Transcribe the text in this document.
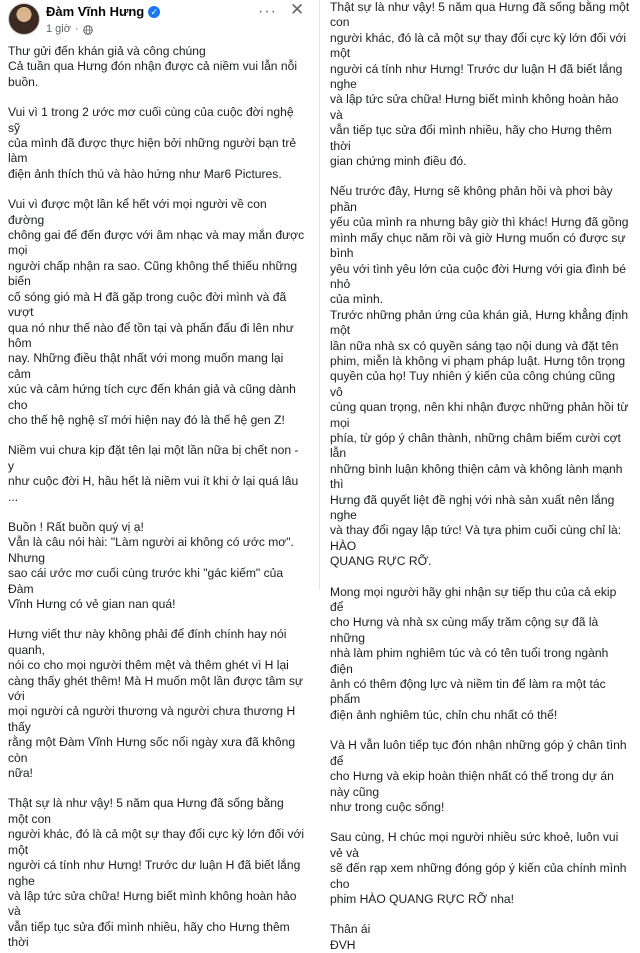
Đàm Vĩnh Hưng ✓
1 giờ ·
··· ✕

Thư gửi đến khán giả và công chúng
Cả tuần qua Hưng đón nhận được cả niềm vui lẫn nỗi buồn.

Vui vì 1 trong 2 ước mơ cuối cùng của cuộc đời nghệ sỹ
của mình đã được thực hiện bởi những người bạn trẻ làm
điện ảnh thích thú và hào hứng như Mar6 Pictures.

Vui vì được một lần kể hết với mọi người về con đường
chông gai để đến được với âm nhạc và may mắn được mọi
người chấp nhận ra sao. Cũng không thể thiếu những biến
cố sóng gió mà H đã gặp trong cuộc đời mình và đã vượt
qua nó như thế nào để tồn tại và phấn đấu đi lên như hôm
nay. Những điều thật nhất với mong muốn mang lại cảm
xúc và cảm hứng tích cực đến khán giả và cũng dành cho
cho thế hệ nghệ sĩ mới hiện nay đó là thế hệ gen Z!

Niềm vui chưa kịp đặt tên lại một lần nữa bị chết non - y
như cuộc đời H, hầu hết là niềm vui ít khi ở lại quá lâu ...

Buồn ! Rất buồn quý vị ạ!
Vẫn là câu nói hài: "Làm người ai không có ước mơ". Nhưng
sao cái ước mơ cuối cùng trước khi "gác kiếm" của Đàm
Vĩnh Hưng có vẻ gian nan quá!

Hưng viết thư này không phải để đính chính hay nói quanh,
nói co cho mọi người thêm mệt và thêm ghét vì H lại
càng thấy ghét thêm! Mà H muốn một lần được tâm sự với
mọi người cả người thương và người chưa thương H thấy
rằng một Đàm Vĩnh Hưng sốc nổi ngày xưa đã không còn
nữa!

Thật sự là như vậy! 5 năm qua Hưng đã sống bằng một con
người khác, đó là cả một sự thay đổi cực kỳ lớn đối với một
người cá tính như Hưng! Trước dư luận H đã biết lắng nghe
và lập tức sửa chữa! Hưng biết mình không hoàn hảo và
vẫn tiếp tục sửa đổi mình nhiều, hãy cho Hưng thêm thời

Thật sự là như vậy! 5 năm qua Hưng đã sống bằng một con
người khác, đó là cả một sự thay đổi cực kỳ lớn đối với một
người cá tính như Hưng! Trước dư luận H đã biết lắng nghe
và lập tức sửa chữa! Hưng biết mình không hoàn hảo và
vẫn tiếp tục sửa đổi mình nhiều, hãy cho Hưng thêm thời
gian chứng minh điều đó.

Nếu trước đây, Hưng sẽ không phản hồi và phơi bày phần
yếu của mình ra nhưng bây giờ thì khác! Hưng đã gồng
mình mấy chục năm rồi và giờ Hưng muốn có được sự bình
yêu với tình yêu lớn của cuộc đời Hưng với gia đình bé nhỏ
của mình.
Trước những phản ứng của khán giả, Hưng khẳng định một
lần nữa nhà sx có quyền sáng tạo nội dung và đặt tên
phim, miễn là không vi phạm pháp luật. Hưng tôn trọng
quyền của họ! Tuy nhiên ý kiến của công chúng cũng vô
cùng quan trọng, nên khi nhận được những phản hồi từ mọi
phía, từ góp ý chân thành, những châm biếm cười cợt lẫn
những bình luận không thiện cảm và không lành mạnh thì
Hưng đã quyết liệt đề nghị với nhà sản xuất nên lắng nghe
và thay đổi ngay lập tức! Và tựa phim cuối cùng chỉ là: HÀO
QUANG RỰC RỠ.

Mong mọi người hãy ghi nhận sự tiếp thu của cả ekip để
cho Hưng và nhà sx cùng mấy trăm cộng sự đã là những
nhà làm phim nghiêm túc và có tên tuổi trong ngành điện
ảnh có thêm động lực và niềm tin để làm ra một tác phẩm
điện ảnh nghiêm túc, chỉn chu nhất có thể!

Và H vẫn luôn tiếp tục đón nhận những góp ý chân tình để
cho Hưng và ekip hoàn thiện nhất có thể trong dự án này cũng
như trong cuộc sống!

Sau cùng, H chúc mọi người nhiều sức khoẻ, luôn vui vẻ và
sẽ đến rạp xem những đóng góp ý kiến của chính mình cho
phim HÀO QUANG RỰC RỠ nha!

Thân ái
ĐVH
